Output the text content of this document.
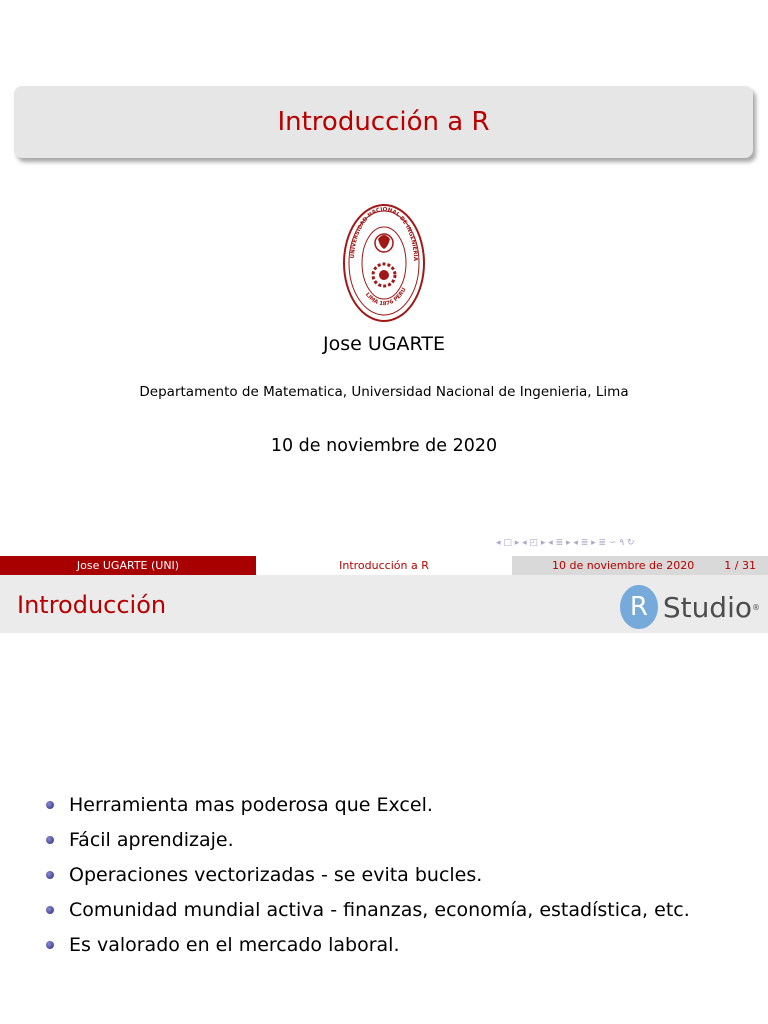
Introducción a R
UNIVERSIDAD NACIONAL DE INGENIERIA
LIMA 1876 PERU
Jose UGARTE
Departamento de Matematica, Universidad Nacional de Ingenieria, Lima
10 de noviembre de 2020
◂ □ ▸ ◂ ◰ ▸ ◂ ≣ ▸ ◂ ≣ ▸ ≣ ∽ ۹ ↻
Jose UGARTE (UNI)	Introducción a R	10 de noviembre de 2020	1 / 31
Introducción	R Studio ®
Herramienta mas poderosa que Excel.
Fácil aprendizaje.
Operaciones vectorizadas - se evita bucles.
Comunidad mundial activa - finanzas, economía, estadística, etc.
Es valorado en el mercado laboral.
